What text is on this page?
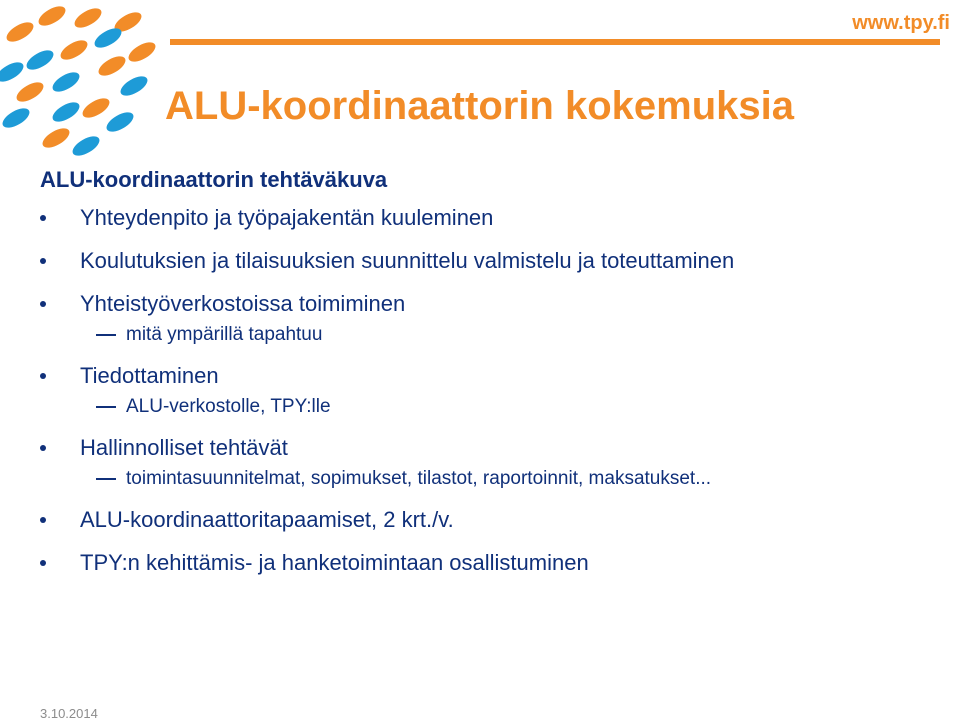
www.tpy.fi
ALU-koordinaattorin kokemuksia

ALU-koordinaattorin tehtäväkuva

Yhteydenpito ja työpajakentän kuuleminen
Koulutuksien ja tilaisuuksien suunnittelu valmistelu ja toteuttaminen
Yhteistyöverkostoissa toimiminen
mitä ympärillä tapahtuu
Tiedottaminen
ALU-verkostolle, TPY:lle
Hallinnolliset tehtävät
toimintasuunnitelmat, sopimukset, tilastot, raportoinnit, maksatukset...
ALU-koordinaattoritapaamiset, 2 krt./v.
TPY:n kehittämis- ja hanketoimintaan osallistuminen
3.10.2014
